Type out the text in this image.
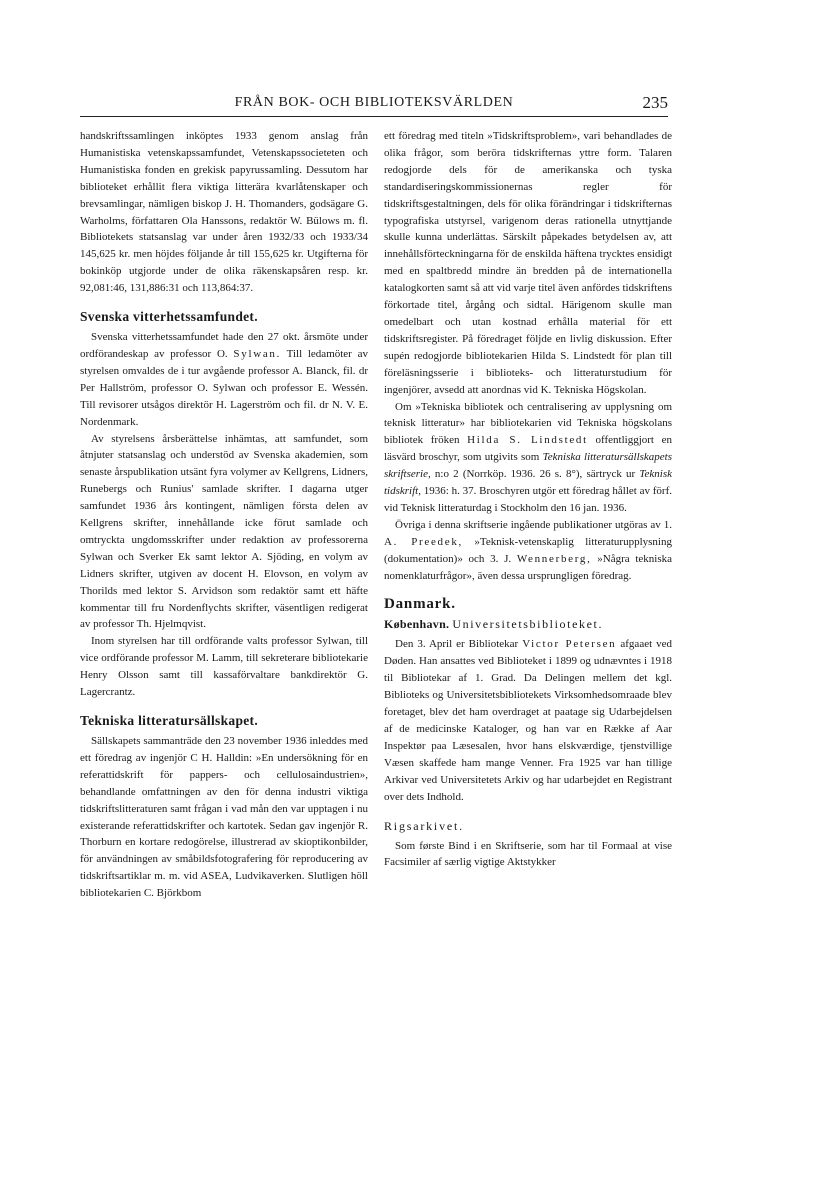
FRÅN BOK- OCH BIBLIOTEKSVÄRLDEN	235

handskriftssamlingen inköptes 1933 genom anslag från Humanistiska vetenskapssamfundet, Vetenskapssocieteten och Humanistiska fonden en grekisk papyrussamling. Dessutom har biblioteket erhållit flera viktiga litterära kvarlåtenskaper och brevsamlingar, nämligen biskop J. H. Thomanders, godsägare G. Warholms, författaren Ola Hanssons, redaktör W. Bülows m. fl. Bibliotekets statsanslag var under åren 1932/33 och 1933/34 145,625 kr. men höjdes följande år till 155,625 kr. Utgifterna för bokinköp utgjorde under de olika räkenskapsåren resp. kr. 92,081:46, 131,886:31 och 113,864:37.

Svenska vitterhetssamfundet.

Svenska vitterhetssamfundet hade den 27 okt. årsmöte under ordförandeskap av professor O. Sylwan. Till ledamöter av styrelsen omvaldes de i tur avgående professor A. Blanck, fil. dr Per Hallström, professor O. Sylwan och professor E. Wessén. Till revisorer utsågos direktör H. Lagerström och fil. dr N. V. E. Nordenmark.

Av styrelsens årsberättelse inhämtas, att samfundet, som åtnjuter statsanslag och understöd av Svenska akademien, som senaste årspublikation utsänt fyra volymer av Kellgrens, Lidners, Runebergs och Runius' samlade skrifter. I dagarna utger samfundet 1936 års kontingent, nämligen första delen av Kellgrens skrifter, innehållande icke förut samlade och omtryckta ungdomsskrifter under redaktion av professorerna Sylwan och Sverker Ek samt lektor A. Sjöding, en volym av Lidners skrifter, utgiven av docent H. Elovson, en volym av Thorilds med lektor S. Arvidson som redaktör samt ett häfte kommentar till fru Nordenflychts skrifter, väsentligen redigerat av professor Th. Hjelmqvist.

Inom styrelsen har till ordförande valts professor Sylwan, till vice ordförande professor M. Lamm, till sekreterare bibliotekarie Henry Olsson samt till kassaförvaltare bankdirektör G. Lagercrantz.

Tekniska litteratursällskapet.

Sällskapets sammanträde den 23 november 1936 inleddes med ett föredrag av ingenjör C H. Halldin: »En undersökning för en referattidskrift för pappers- och cellulosaindustrien», behandlande omfattningen av den för denna industri viktiga tidskriftslitteraturen samt frågan i vad mån den var upptagen i nu existerande referattidskrifter och kartotek. Sedan gav ingenjör R. Thorburn en kortare redogörelse, illustrerad av skioptikonbilder, för användningen av småbildsfotografering för reproducering av tidskriftsartiklar m. m. vid ASEA, Ludvikaverken. Slutligen höll bibliotekarien C. Björkbom

ett föredrag med titeln »Tidskriftsproblem», vari behandlades de olika frågor, som beröra tidskrifternas yttre form. Talaren redogjorde dels för de amerikanska och tyska standardiseringskommissionernas regler för tidskriftsgestaltningen, dels för olika förändringar i tidskrifternas typografiska utstyrsel, varigenom deras rationella utnyttjande skulle kunna underlättas. Särskilt påpekades betydelsen av, att innehållsförteckningarna för de enskilda häftena trycktes ensidigt med en spaltbredd mindre än bredden på de internationella katalogkorten samt så att vid varje titel även anfördes tidskriftens förkortade titel, årgång och sidtal. Härigenom skulle man omedelbart och utan kostnad erhålla material för ett tidskriftsregister. På föredraget följde en livlig diskussion. Efter supén redogjorde bibliotekarien Hilda S. Lindstedt för plan till föreläsningsserie i biblioteks- och litteraturstudium för ingenjörer, avsedd att anordnas vid K. Tekniska Högskolan.

Om »Tekniska bibliotek och centralisering av upplysning om teknisk litteratur» har bibliotekarien vid Tekniska högskolans bibliotek fröken Hilda S. Lindstedt offentliggjort en läsvärd broschyr, som utgivits som Tekniska litteratursällskapets skriftserie, n:o 2 (Norrköp. 1936. 26 s. 8°), särtryck ur Teknisk tidskrift, 1936: h. 37. Broschyren utgör ett föredrag hållet av förf. vid Teknisk litteraturdag i Stockholm den 16 jan. 1936.

Övriga i denna skriftserie ingående publikationer utgöras av 1. A. Preedek, »Teknisk-vetenskaplig litteraturupplysning (dokumentation)» och 3. J. Wennerberg, »Några tekniska nomenklaturfrågor», även dessa ursprungligen föredrag.

Danmark.
København. Universitetsbiblioteket.

Den 3. April er Bibliotekar Victor Petersen afgaaet ved Døden. Han ansattes ved Biblioteket i 1899 og udnævntes i 1918 til Bibliotekar af 1. Grad. Da Delingen mellem det kgl. Biblioteks og Universitetsbibliotekets Virksomhedsomraade blev foretaget, blev det ham overdraget at paatage sig Udarbejdelsen af de medicinske Kataloger, og han var en Række af Aar Inspektør paa Læsesalen, hvor hans elskværdige, tjenstvillige Væsen skaffede ham mange Venner. Fra 1925 var han tillige Arkivar ved Universitetets Arkiv og har udarbejdet en Registrant over dets Indhold.

Rigsarkivet.

Som første Bind i en Skriftserie, som har til Formaal at vise Facsimiler af særlig vigtige Aktstykker
